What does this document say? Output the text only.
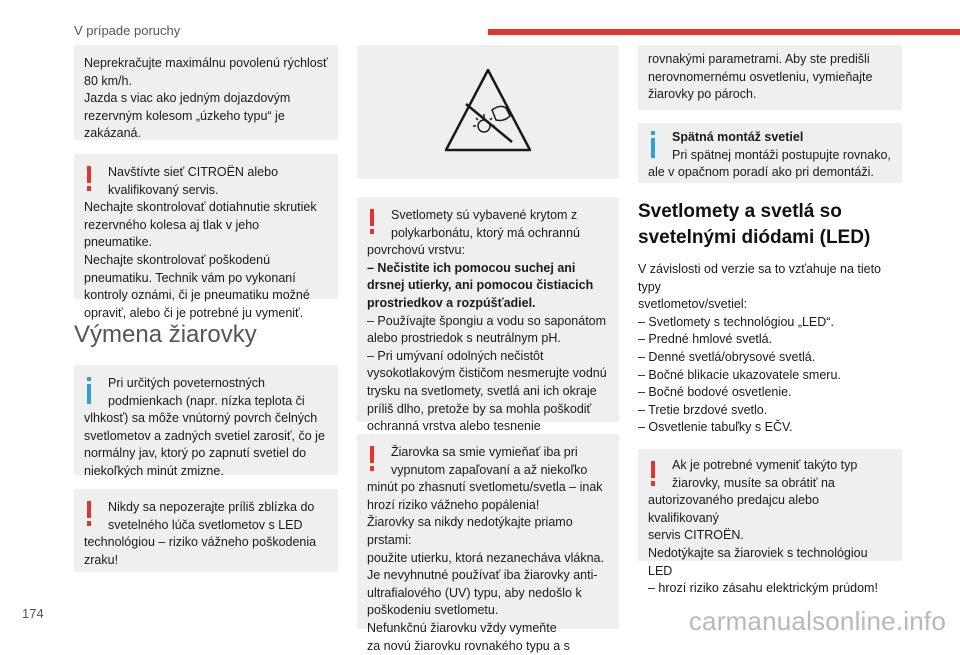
V prípade poruchy
Neprekračujte maximálnu povolenú rýchlosť
80 km/h.
Jazda s viac ako jedným dojazdovým
rezervným kolesom „úzkeho typu“ je
zakázaná.
Navštívte sieť CITROËN alebo
kvalifikovaný servis.
Nechajte skontrolovať dotiahnutie skrutiek
rezervného kolesa aj tlak v jeho pneumatike.
Nechajte skontrolovať poškodenú
pneumatiku. Technik vám po vykonaní
kontroly oznámi, či je pneumatiku možné
opraviť, alebo či je potrebné ju vymeniť.
Výmena žiarovky
Pri určitých poveternostných
podmienkach (napr. nízka teplota či
vlhkosť) sa môže vnútorný povrch čelných
svetlometov a zadných svetiel zarosiť, čo je
normálny jav, ktorý po zapnutí svetiel do
niekoľkých minút zmizne.
Nikdy sa nepozerajte príliš zblízka do
svetelného lúča svetlometov s LED
technológiou – riziko vážneho poškodenia
zraku!
Svetlomety sú vybavené krytom z
polykarbonátu, ktorý má ochrannú
povrchovú vrstvu:
– Nečistite ich pomocou suchej ani
drsnej utierky, ani pomocou čistiacich
prostriedkov a rozpúšťadiel.
– Používajte špongiu a vodu so saponátom
alebo prostriedok s neutrálnym pH.
– Pri umývaní odolných nečistôt
vysokotlakovým čističom nesmerujte vodnú
trysku na svetlomety, svetlá ani ich okraje
príliš dlho, pretože by sa mohla poškodiť
ochranná vrstva alebo tesnenie
Žiarovka sa smie vymieňať iba pri
vypnutom zapaľovaní a až niekoľko
minút po zhasnutí svetlometu/svetla – inak
hrozí riziko vážneho popálenia!
Žiarovky sa nikdy nedotýkajte priamo prstami:
použite utierku, ktorá nezanecháva vlákna.
Je nevyhnutné používať iba žiarovky anti-
ultrafialového (UV) typu, aby nedošlo k
poškodeniu svetlometu.
Nefunkčnú žiarovku vždy vymeňte
za novú žiarovku rovnakého typu a s
rovnakými parametrami. Aby ste predišli
nerovnomernému osvetleniu, vymieňajte
žiarovky po pároch.
Spätná montáž svetiel
Pri spätnej montáži postupujte rovnako,
ale v opačnom poradí ako pri demontáži.
Svetlomety a svetlá so
svetelnými diódami (LED)
V závislosti od verzie sa to vzťahuje na tieto typy
svetlometov/svetiel:
– Svetlomety s technológiou „LED“.
– Predné hmlové svetlá.
– Denné svetlá/obrysové svetlá.
– Bočné blikacie ukazovatele smeru.
– Bočné bodové osvetlenie.
– Tretie brzdové svetlo.
– Osvetlenie tabuľky s EČV.
Ak je potrebné vymeniť takýto typ
žiarovky, musíte sa obrátiť na
autorizovaného predajcu alebo kvalifikovaný
servis CITROËN.
Nedotýkajte sa žiaroviek s technológiou LED
– hrozí riziko zásahu elektrickým prúdom!
174	carmanualsonline.info
